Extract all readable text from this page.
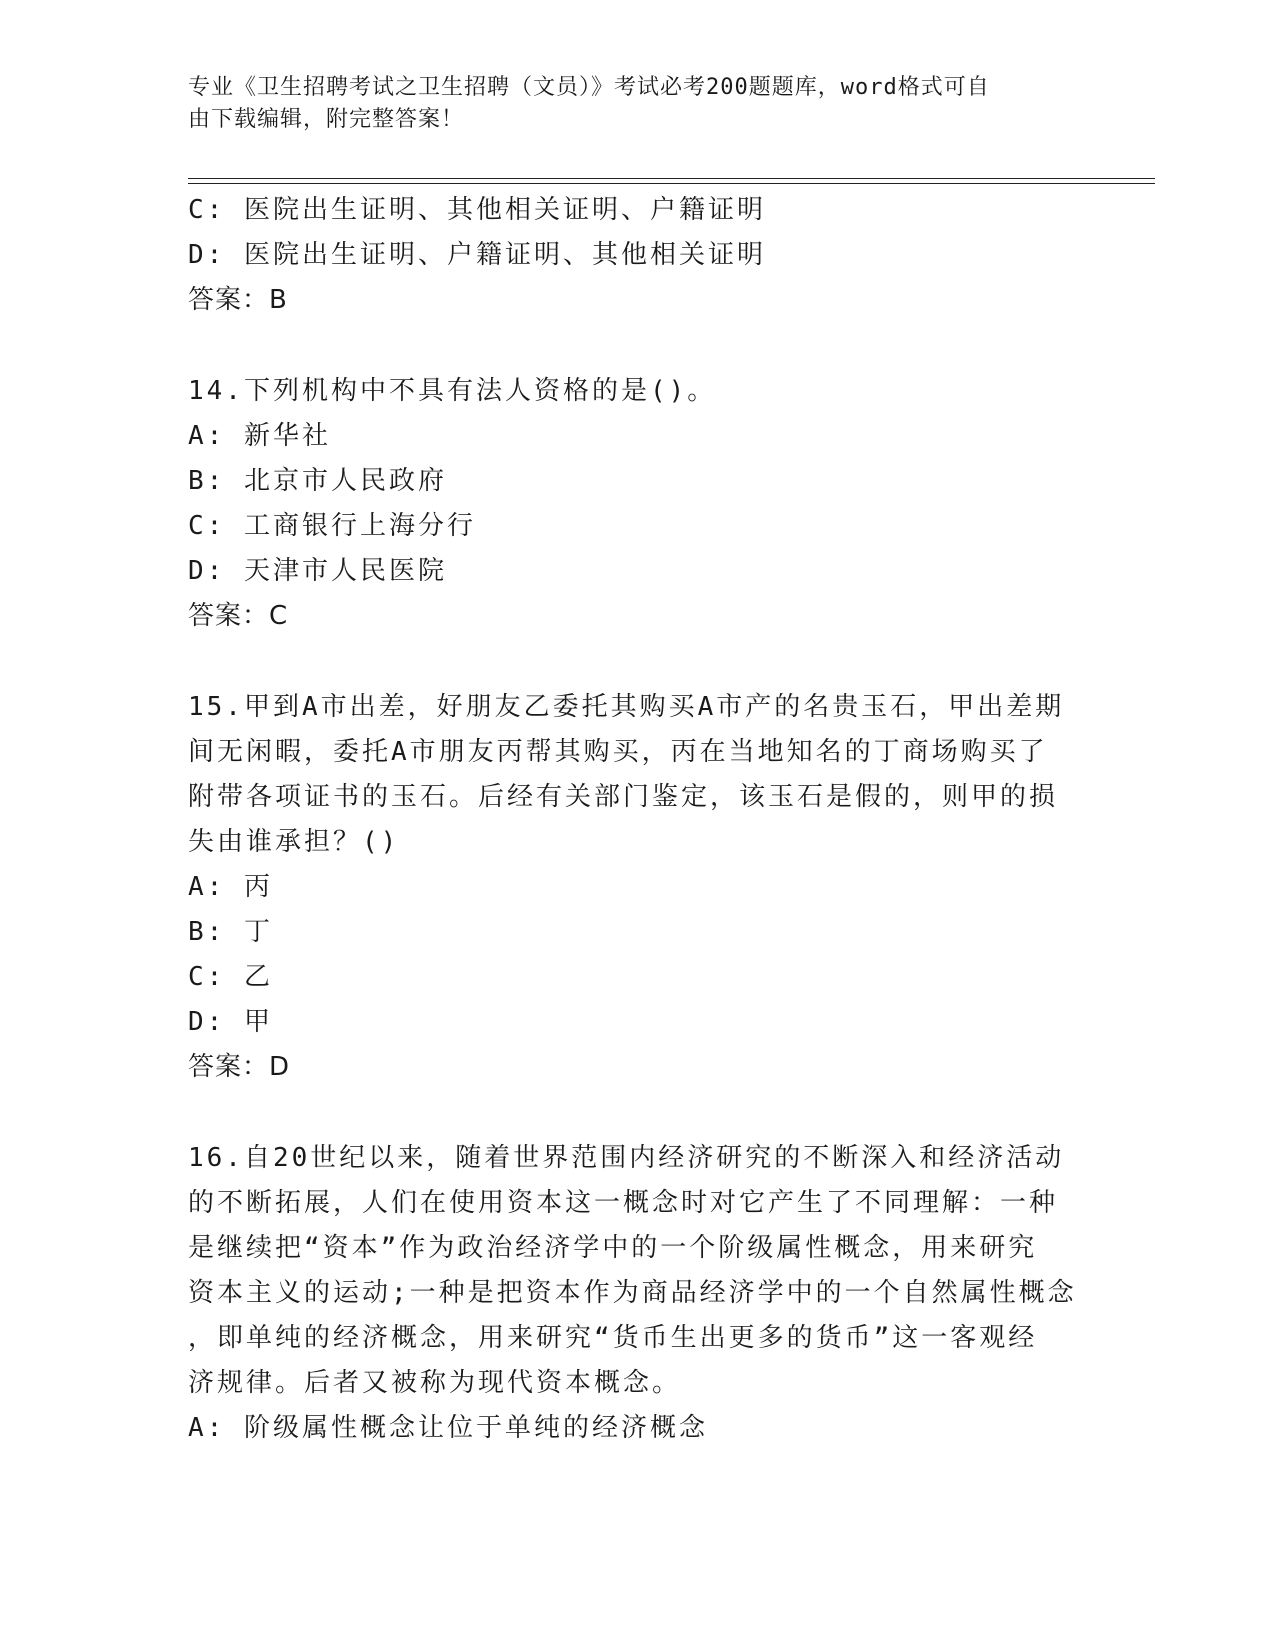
专业《卫生招聘考试之卫生招聘（文员）》考试必考200题题库，word格式可自
由下载编辑，附完整答案！
C: 医院出生证明、其他相关证明、户籍证明
D: 医院出生证明、户籍证明、其他相关证明
答案：B
14.下列机构中不具有法人资格的是()。
A: 新华社
B: 北京市人民政府
C: 工商银行上海分行
D: 天津市人民医院
答案：C
15.甲到A市出差，好朋友乙委托其购买A市产的名贵玉石，甲出差期
间无闲暇，委托A市朋友丙帮其购买，丙在当地知名的丁商场购买了
附带各项证书的玉石。后经有关部门鉴定，该玉石是假的，则甲的损
失由谁承担？()
A: 丙
B: 丁
C: 乙
D: 甲
答案：D
16.自20世纪以来，随着世界范围内经济研究的不断深入和经济活动
的不断拓展，人们在使用资本这一概念时对它产生了不同理解：一种
是继续把“资本”作为政治经济学中的一个阶级属性概念，用来研究
资本主义的运动;一种是把资本作为商品经济学中的一个自然属性概念
，即单纯的经济概念，用来研究“货币生出更多的货币”这一客观经
济规律。后者又被称为现代资本概念。
A: 阶级属性概念让位于单纯的经济概念
